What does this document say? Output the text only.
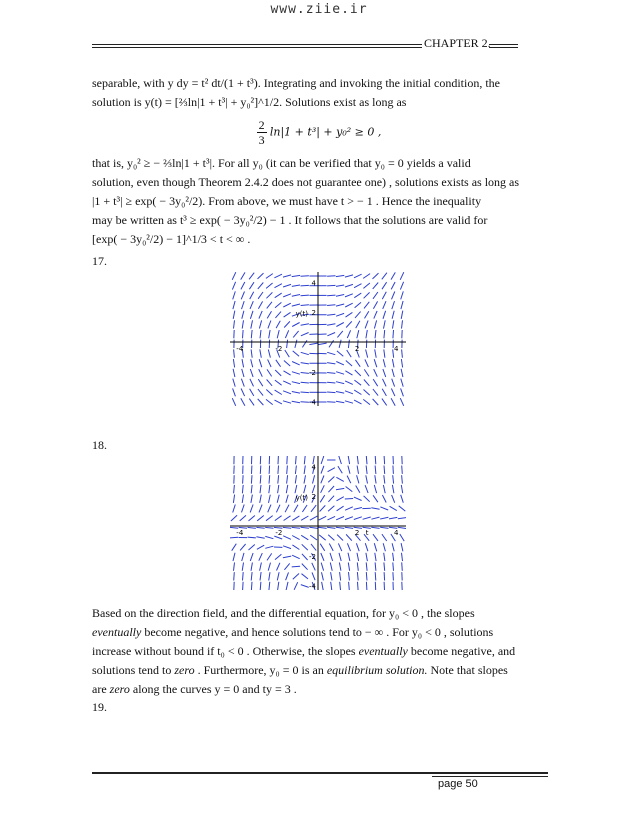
www.ziie.ir
CHAPTER 2.
separable, with y dy = t² dt/(1 + t³). Integrating and invoking the initial condition, the
solution is y(t) = [⅔ln|1 + t³| + y₀²]^1/2. Solutions exist as long as
$\frac{2}{3} \ln|1 + t^3| + y_0^2 \ge 0$ ,
that is, y₀² ≥ − ⅔ln|1 + t³|. For all y₀ (it can be verified that y₀ = 0 yields a valid
solution, even though Theorem 2.4.2 does not guarantee one) , solutions exists as long as
|1 + t³| ≥ exp( − 3y₀²/2). From above, we must have t > − 1 . Hence the inequality
may be written as t³ ≥ exp( − 3y₀²/2) − 1 . It follows that the solutions are valid for
[exp( − 3y₀²/2) − 1]^1/3 < t < ∞ .
17.
-4	-2	2	4
4
2
-2
-4
y(t)
18.
-4	-2	2	4
4
2
-2
-4
y(t)
t
Based on the direction field, and the differential equation, for y₀ < 0 , the slopes
eventually become negative, and hence solutions tend to − ∞ . For y₀ < 0 , solutions
increase without bound if t₀ < 0 . Otherwise, the slopes eventually become negative, and
solutions tend to zero . Furthermore, y₀ = 0 is an equilibrium solution. Note that slopes
are zero along the curves y = 0 and ty = 3 .
19.
page 50
